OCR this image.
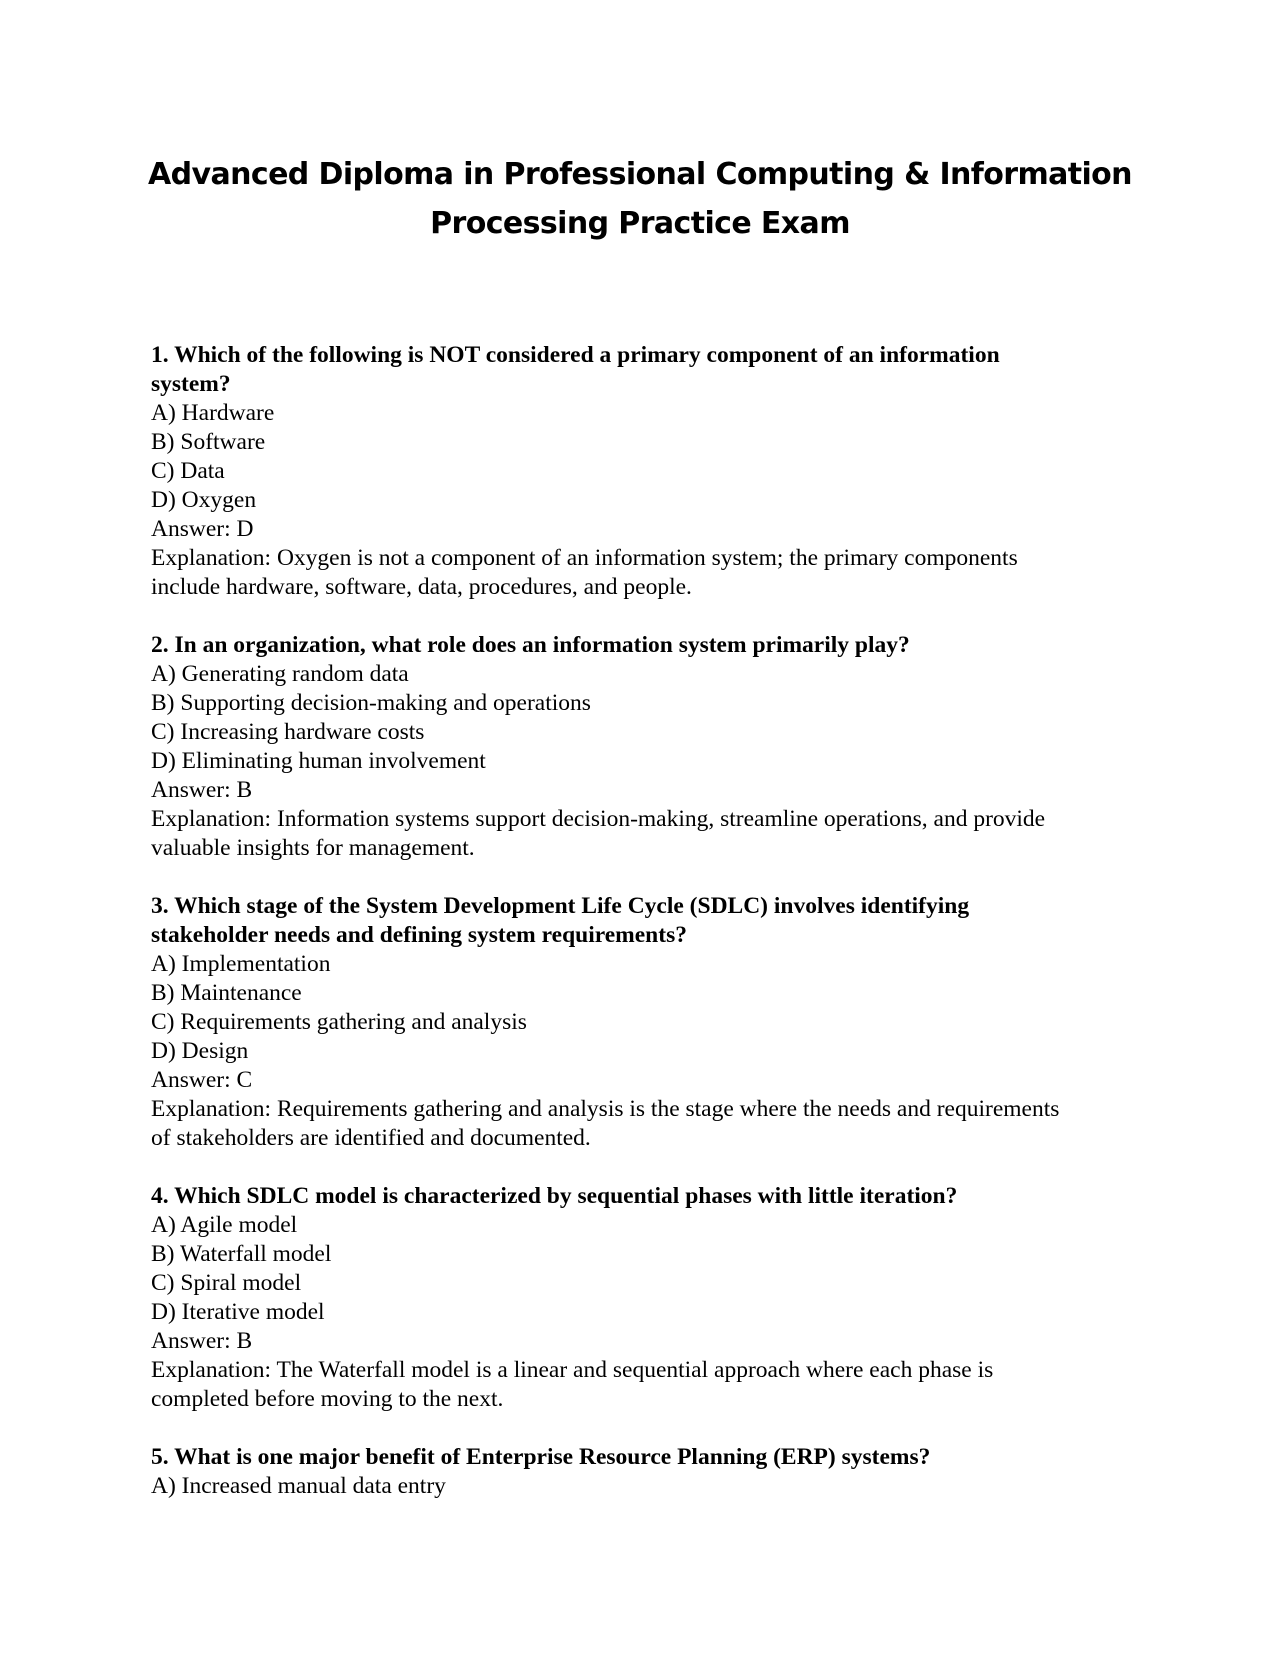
Advanced Diploma in Professional Computing & Information
Processing Practice Exam
1. Which of the following is NOT considered a primary component of an information
system?
A) Hardware
B) Software
C) Data
D) Oxygen
Answer: D
Explanation: Oxygen is not a component of an information system; the primary components
include hardware, software, data, procedures, and people.
2. In an organization, what role does an information system primarily play?
A) Generating random data
B) Supporting decision-making and operations
C) Increasing hardware costs
D) Eliminating human involvement
Answer: B
Explanation: Information systems support decision-making, streamline operations, and provide
valuable insights for management.
3. Which stage of the System Development Life Cycle (SDLC) involves identifying
stakeholder needs and defining system requirements?
A) Implementation
B) Maintenance
C) Requirements gathering and analysis
D) Design
Answer: C
Explanation: Requirements gathering and analysis is the stage where the needs and requirements
of stakeholders are identified and documented.
4. Which SDLC model is characterized by sequential phases with little iteration?
A) Agile model
B) Waterfall model
C) Spiral model
D) Iterative model
Answer: B
Explanation: The Waterfall model is a linear and sequential approach where each phase is
completed before moving to the next.
5. What is one major benefit of Enterprise Resource Planning (ERP) systems?
A) Increased manual data entry
